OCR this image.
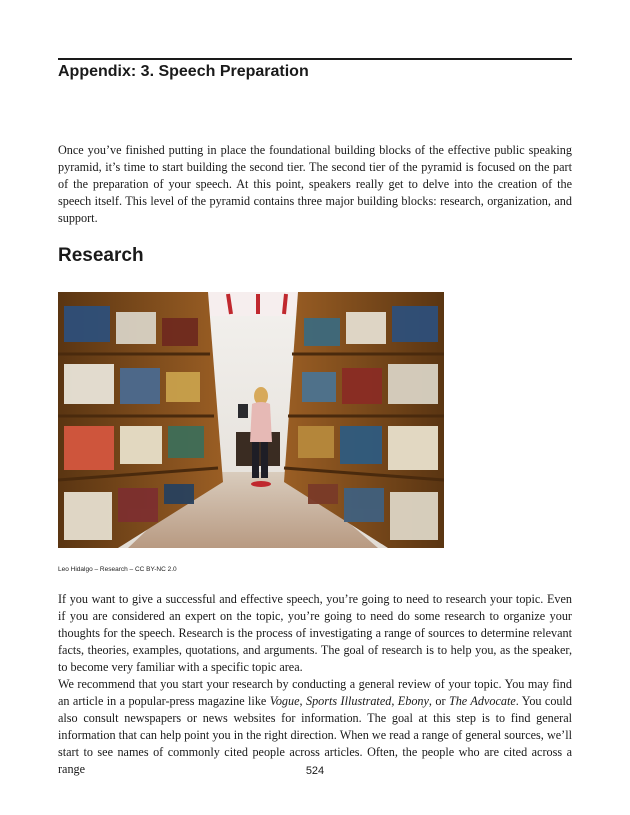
Appendix: 3. Speech Preparation

Once you’ve finished putting in place the foundational building blocks of the effective public speaking pyramid, it’s time to start building the second tier. The second tier of the pyramid is focused on the part of the preparation of your speech. At this point, speakers really get to delve into the creation of the speech itself. This level of the pyramid contains three major building blocks: research, organization, and support.

Research
Leo Hidalgo – Research – CC BY-NC 2.0

If you want to give a successful and effective speech, you’re going to need to research your topic. Even if you are considered an expert on the topic, you’re going to need do some research to organize your thoughts for the speech. Research is the process of investigating a range of sources to determine relevant facts, theories, examples, quotations, and arguments. The goal of research is to help you, as the speaker, to become very familiar with a specific topic area.

We recommend that you start your research by conducting a general review of your topic. You may find an article in a popular-press magazine like Vogue, Sports Illustrated, Ebony, or The Advocate. You could also consult newspapers or news websites for information. The goal at this step is to find general information that can help point you in the right direction. When we read a range of general sources, we’ll start to see names of commonly cited people across articles. Often, the people who are cited across a range	524
